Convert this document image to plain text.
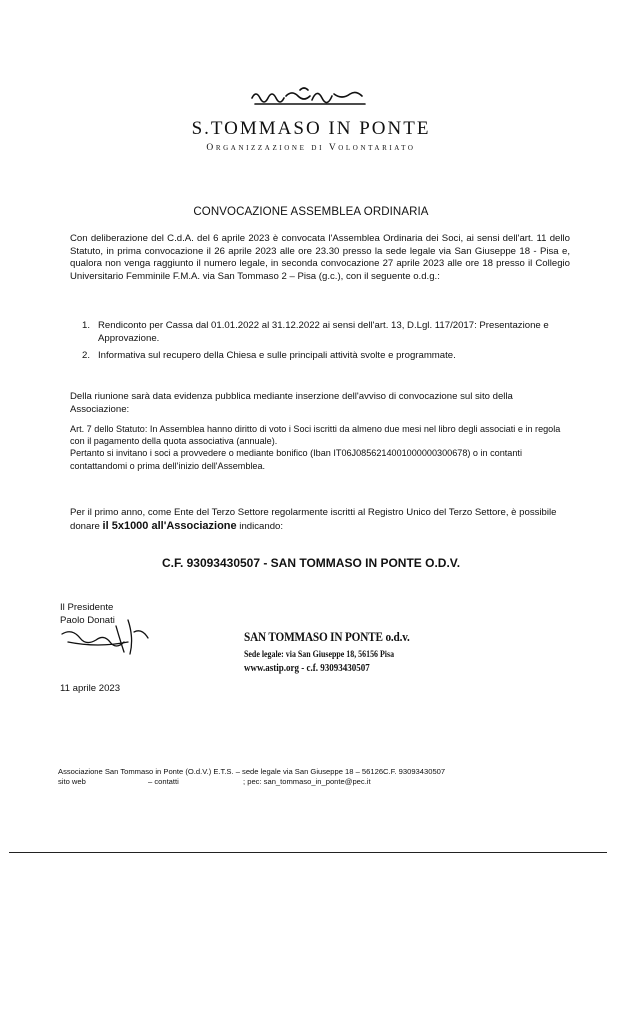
S.TOMMASO IN PONTE
Organizzazione di Volontariato
CONVOCAZIONE ASSEMBLEA ORDINARIA
Con deliberazione del C.d.A. del 6 aprile 2023 è convocata l'Assemblea Ordinaria dei Soci, ai sensi dell'art. 11 dello Statuto, in prima convocazione il 26 aprile 2023 alle ore 23.30 presso la sede legale via San Giuseppe 18 - Pisa e, qualora non venga raggiunto il numero legale, in seconda convocazione 27 aprile 2023 alle ore 18 presso il Collegio Universitario Femminile F.M.A. via San Tommaso 2 – Pisa (g.c.), con il seguente o.d.g.:
1. Rendiconto per Cassa dal 01.01.2022 al 31.12.2022 ai sensi dell'art. 13, D.Lgl. 117/2017: Presentazione e Approvazione.
2. Informativa sul recupero della Chiesa e sulle principali attività svolte e programmate.
Della riunione sarà data evidenza pubblica mediante inserzione dell'avviso di convocazione sul sito della Associazione:
Art. 7 dello Statuto: In Assemblea hanno diritto di voto i Soci iscritti da almeno due mesi nel libro degli associati e in regola con il pagamento della quota associativa (annuale).
Pertanto si invitano i soci a provvedere o mediante bonifico (Iban IT06J0856214001000000300678) o in contanti contattandomi o prima dell'inizio dell'Assemblea.
Per il primo anno, come Ente del Terzo Settore regolarmente iscritti al Registro Unico del Terzo Settore, è possibile donare il 5x1000 all'Associazione indicando:
C.F. 93093430507 - SAN TOMMASO IN PONTE O.D.V.
Il Presidente
Paolo Donati
SAN TOMMASO IN PONTE o.d.v.
Sede legale: via San Giuseppe 18, 56156 Pisa
www.astip.org - c.f. 93093430507
11 aprile 2023
Associazione San Tommaso in Ponte (O.d.V.) E.T.S. – sede legale via San Giuseppe 18 – 56126C.F. 93093430507
sito web	– contatti	; pec: san_tommaso_in_ponte@pec.it
